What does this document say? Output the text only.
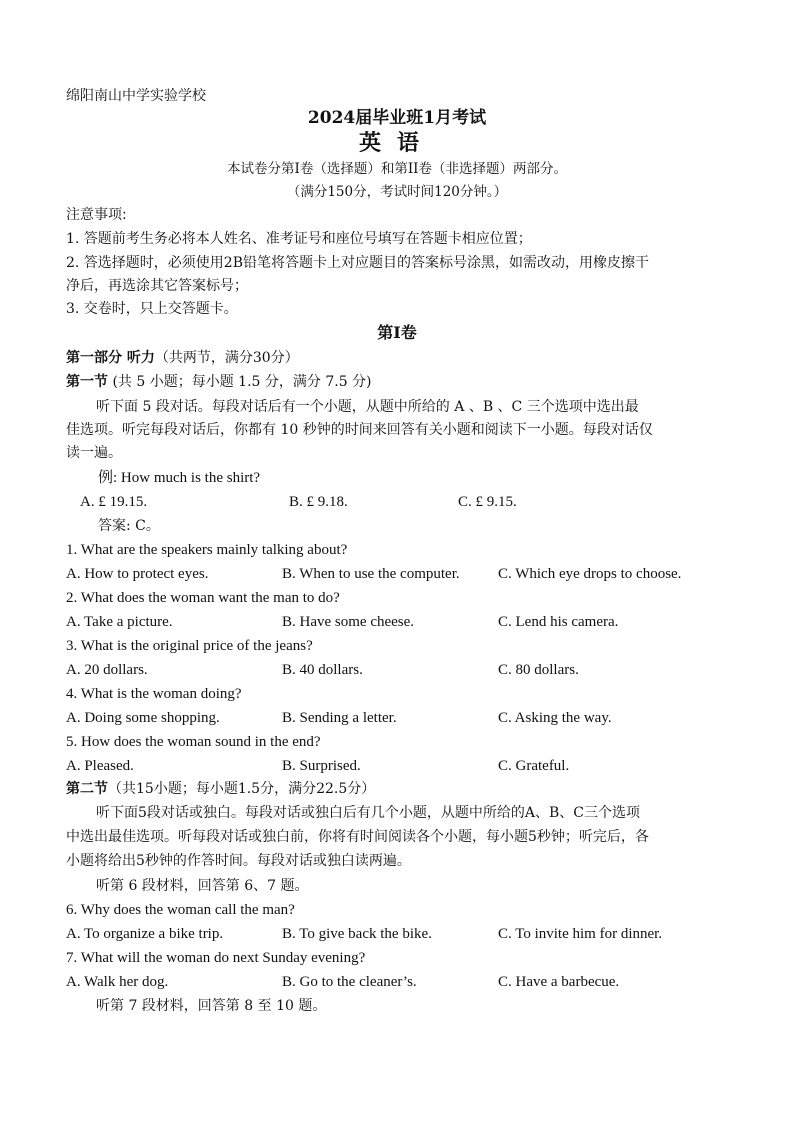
绵阳南山中学实验学校
2024届毕业班1月考试
英语
本试卷分第I卷（选择题）和第II卷（非选择题）两部分。
（满分150分，考试时间120分钟。）
注意事项:
1. 答题前考生务必将本人姓名、准考证号和座位号填写在答题卡相应位置；
2. 答选择题时，必须使用2B铅笔将答题卡上对应题目的答案标号涂黑，如需改动，用橡皮擦干
净后，再选涂其它答案标号；
3. 交卷时，只上交答题卡。
第I卷
第一部分 听力（共两节，满分30分）
第一节 (共 5 小题；每小题 1.5 分，满分 7.5 分)
听下面 5 段对话。每段对话后有一个小题，从题中所给的 A 、B 、C 三个选项中选出最
佳选项。听完每段对话后，你都有 10 秒钟的时间来回答有关小题和阅读下一小题。每段对话仅
读一遍。
例: How much is the shirt?
A. £ 19.15.	B. £ 9.18.	C. £ 9.15.
答案: C。
1. What are the speakers mainly talking about?
A. How to protect eyes.	B. When to use the computer.	C. Which eye drops to choose.
2. What does the woman want the man to do?
A. Take a picture.	B. Have some cheese.	C. Lend his camera.
3. What is the original price of the jeans?
A. 20 dollars.	B. 40 dollars.	C. 80 dollars.
4. What is the woman doing?
A. Doing some shopping.	B. Sending a letter.	C. Asking the way.
5. How does the woman sound in the end?
A. Pleased.	B. Surprised.	C. Grateful.
第二节（共15小题；每小题1.5分，满分22.5分）
听下面5段对话或独白。每段对话或独白后有几个小题，从题中所给的A、B、C三个选项
中选出最佳选项。听每段对话或独白前，你将有时间阅读各个小题，每小题5秒钟；听完后，各
小题将给出5秒钟的作答时间。每段对话或独白读两遍。
听第 6 段材料，回答第 6、7 题。
6. Why does the woman call the man?
A. To organize a bike trip.	B. To give back the bike.	C. To invite him for dinner.
7. What will the woman do next Sunday evening?
A. Walk her dog.	B. Go to the cleaner’s.	C. Have a barbecue.
听第 7 段材料，回答第 8 至 10 题。
